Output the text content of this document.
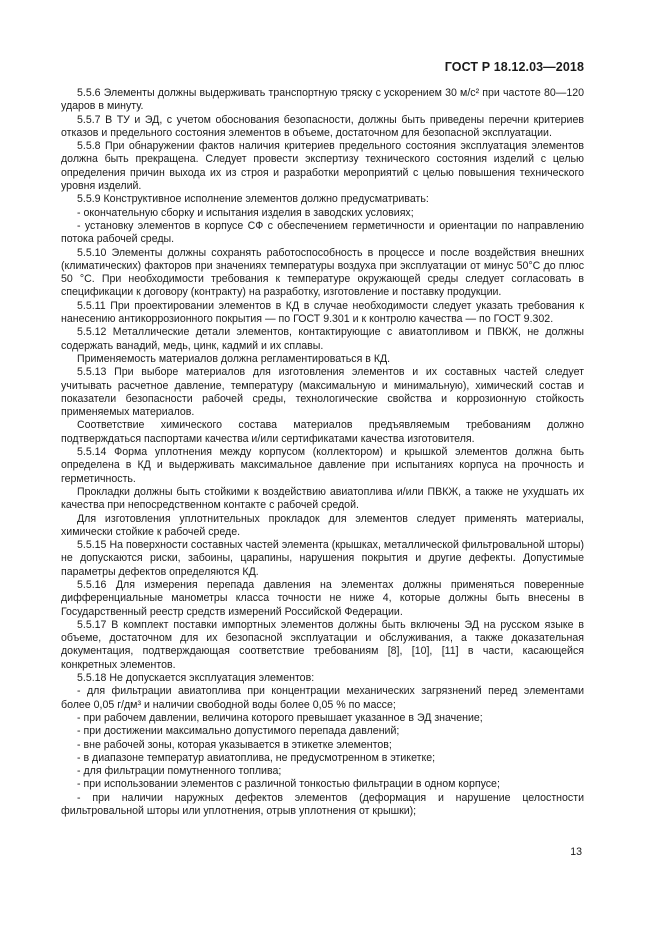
ГОСТ Р 18.12.03—2018

5.5.6 Элементы должны выдерживать транспортную тряску с ускорением 30 м/с² при частоте 80—120 ударов в минуту.

5.5.7 В ТУ и ЭД, с учетом обоснования безопасности, должны быть приведены перечни критериев отказов и предельного состояния элементов в объеме, достаточном для безопасной эксплуатации.

5.5.8 При обнаружении фактов наличия критериев предельного состояния эксплуатация элементов должна быть прекращена. Следует провести экспертизу технического состояния изделий с целью определения причин выхода их из строя и разработки мероприятий с целью повышения технического уровня изделий.

5.5.9 Конструктивное исполнение элементов должно предусматривать:

- окончательную сборку и испытания изделия в заводских условиях;

- установку элементов в корпусе СФ с обеспечением герметичности и ориентации по направлению потока рабочей среды.

5.5.10 Элементы должны сохранять работоспособность в процессе и после воздействия внешних (климатических) факторов при значениях температуры воздуха при эксплуатации от минус 50°С до плюс 50 °С. При необходимости требования к температуре окружающей среды следует согласовать в спецификации к договору (контракту) на разработку, изготовление и поставку продукции.

5.5.11 При проектировании элементов в КД в случае необходимости следует указать требования к нанесению антикоррозионного покрытия — по ГОСТ 9.301 и к контролю качества — по ГОСТ 9.302.

5.5.12 Металлические детали элементов, контактирующие с авиатопливом и ПВКЖ, не должны содержать ванадий, медь, цинк, кадмий и их сплавы.

Применяемость материалов должна регламентироваться в КД.

5.5.13 При выборе материалов для изготовления элементов и их составных частей следует учитывать расчетное давление, температуру (максимальную и минимальную), химический состав и показатели безопасности рабочей среды, технологические свойства и коррозионную стойкость применяемых материалов.

Соответствие химического состава материалов предъявляемым требованиям должно подтверждаться паспортами качества и/или сертификатами качества изготовителя.

5.5.14 Форма уплотнения между корпусом (коллектором) и крышкой элементов должна быть определена в КД и выдерживать максимальное давление при испытаниях корпуса на прочность и герметичность.

Прокладки должны быть стойкими к воздействию авиатоплива и/или ПВКЖ, а также не ухудшать их качества при непосредственном контакте с рабочей средой.

Для изготовления уплотнительных прокладок для элементов следует применять материалы, химически стойкие к рабочей среде.

5.5.15 На поверхности составных частей элемента (крышках, металлической фильтровальной шторы) не допускаются риски, забоины, царапины, нарушения покрытия и другие дефекты. Допустимые параметры дефектов определяются КД.

5.5.16 Для измерения перепада давления на элементах должны применяться поверенные дифференциальные манометры класса точности не ниже 4, которые должны быть внесены в Государственный реестр средств измерений Российской Федерации.

5.5.17 В комплект поставки импортных элементов должны быть включены ЭД на русском языке в объеме, достаточном для их безопасной эксплуатации и обслуживания, а также доказательная документация, подтверждающая соответствие требованиям [8], [10], [11] в части, касающейся конкретных элементов.

5.5.18 Не допускается эксплуатация элементов:

- для фильтрации авиатоплива при концентрации механических загрязнений перед элементами более 0,05 г/дм³ и наличии свободной воды более 0,05 % по массе;

- при рабочем давлении, величина которого превышает указанное в ЭД значение;

- при достижении максимально допустимого перепада давлений;

- вне рабочей зоны, которая указывается в этикетке элементов;

- в диапазоне температур авиатоплива, не предусмотренном в этикетке;

- для фильтрации помутненного топлива;

- при использовании элементов с различной тонкостью фильтрации в одном корпусе;

- при наличии наружных дефектов элементов (деформация и нарушение целостности фильтровальной шторы или уплотнения, отрыв уплотнения от крышки);

13
